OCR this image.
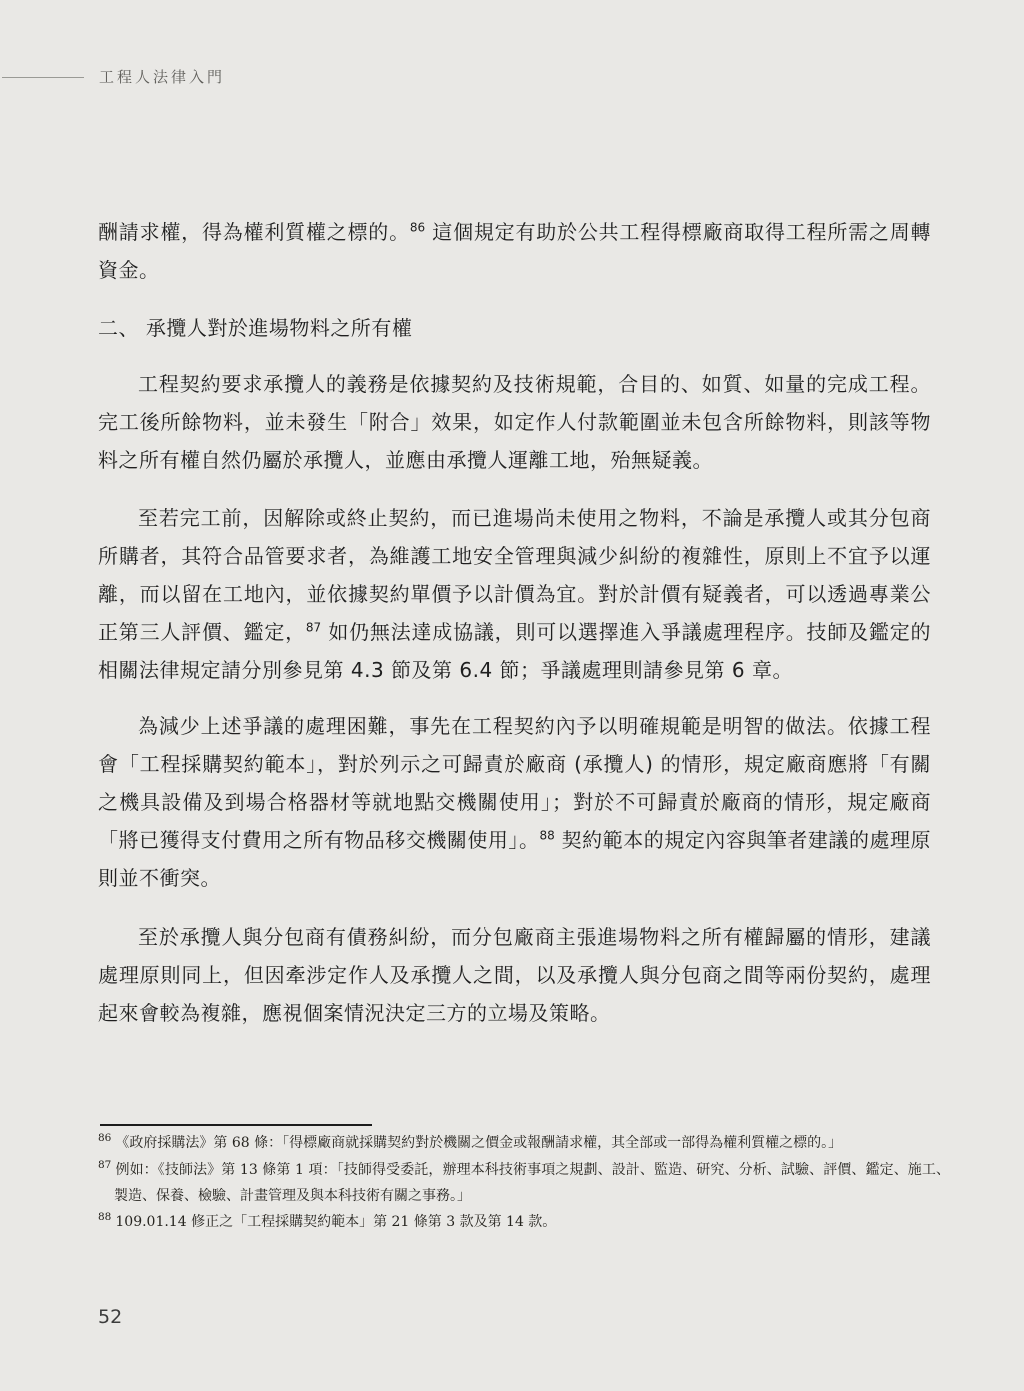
工程人法律入門

酬請求權，得為權利質權之標的。$^{86}$ 這個規定有助於公共工程得標廠商取得工程所需之周轉資金。

二、 承攬人對於進場物料之所有權

工程契約要求承攬人的義務是依據契約及技術規範，合目的、如質、如量的完成工程。完工後所餘物料，並未發生「附合」效果，如定作人付款範圍並未包含所餘物料，則該等物料之所有權自然仍屬於承攬人，並應由承攬人運離工地，殆無疑義。

至若完工前，因解除或終止契約，而已進場尚未使用之物料，不論是承攬人或其分包商所購者，其符合品管要求者，為維護工地安全管理與減少糾紛的複雜性，原則上不宜予以運離，而以留在工地內，並依據契約單價予以計價為宜。對於計價有疑義者，可以透過專業公正第三人評價、鑑定，$^{87}$ 如仍無法達成協議，則可以選擇進入爭議處理程序。技師及鑑定的相關法律規定請分別參見第 4.3 節及第 6.4 節；爭議處理則請參見第 6 章。

為減少上述爭議的處理困難，事先在工程契約內予以明確規範是明智的做法。依據工程會「工程採購契約範本」，對於列示之可歸責於廠商 (承攬人) 的情形，規定廠商應將「有關之機具設備及到場合格器材等就地點交機關使用」；對於不可歸責於廠商的情形，規定廠商「將已獲得支付費用之所有物品移交機關使用」。$^{88}$ 契約範本的規定內容與筆者建議的處理原則並不衝突。

至於承攬人與分包商有債務糾紛，而分包廠商主張進場物料之所有權歸屬的情形，建議處理原則同上，但因牽涉定作人及承攬人之間，以及承攬人與分包商之間等兩份契約，處理起來會較為複雜，應視個案情況決定三方的立場及策略。

$^{86}$ 《政府採購法》第 68 條：「得標廠商就採購契約對於機關之價金或報酬請求權，其全部或一部得為權利質權之標的。」

$^{87}$ 例如：《技師法》第 13 條第 1 項：「技師得受委託，辦理本科技術事項之規劃、設計、監造、研究、分析、試驗、評價、鑑定、施工、製造、保養、檢驗、計畫管理及與本科技術有關之事務。」

$^{88}$ 109.01.14 修正之「工程採購契約範本」第 21 條第 3 款及第 14 款。

52
